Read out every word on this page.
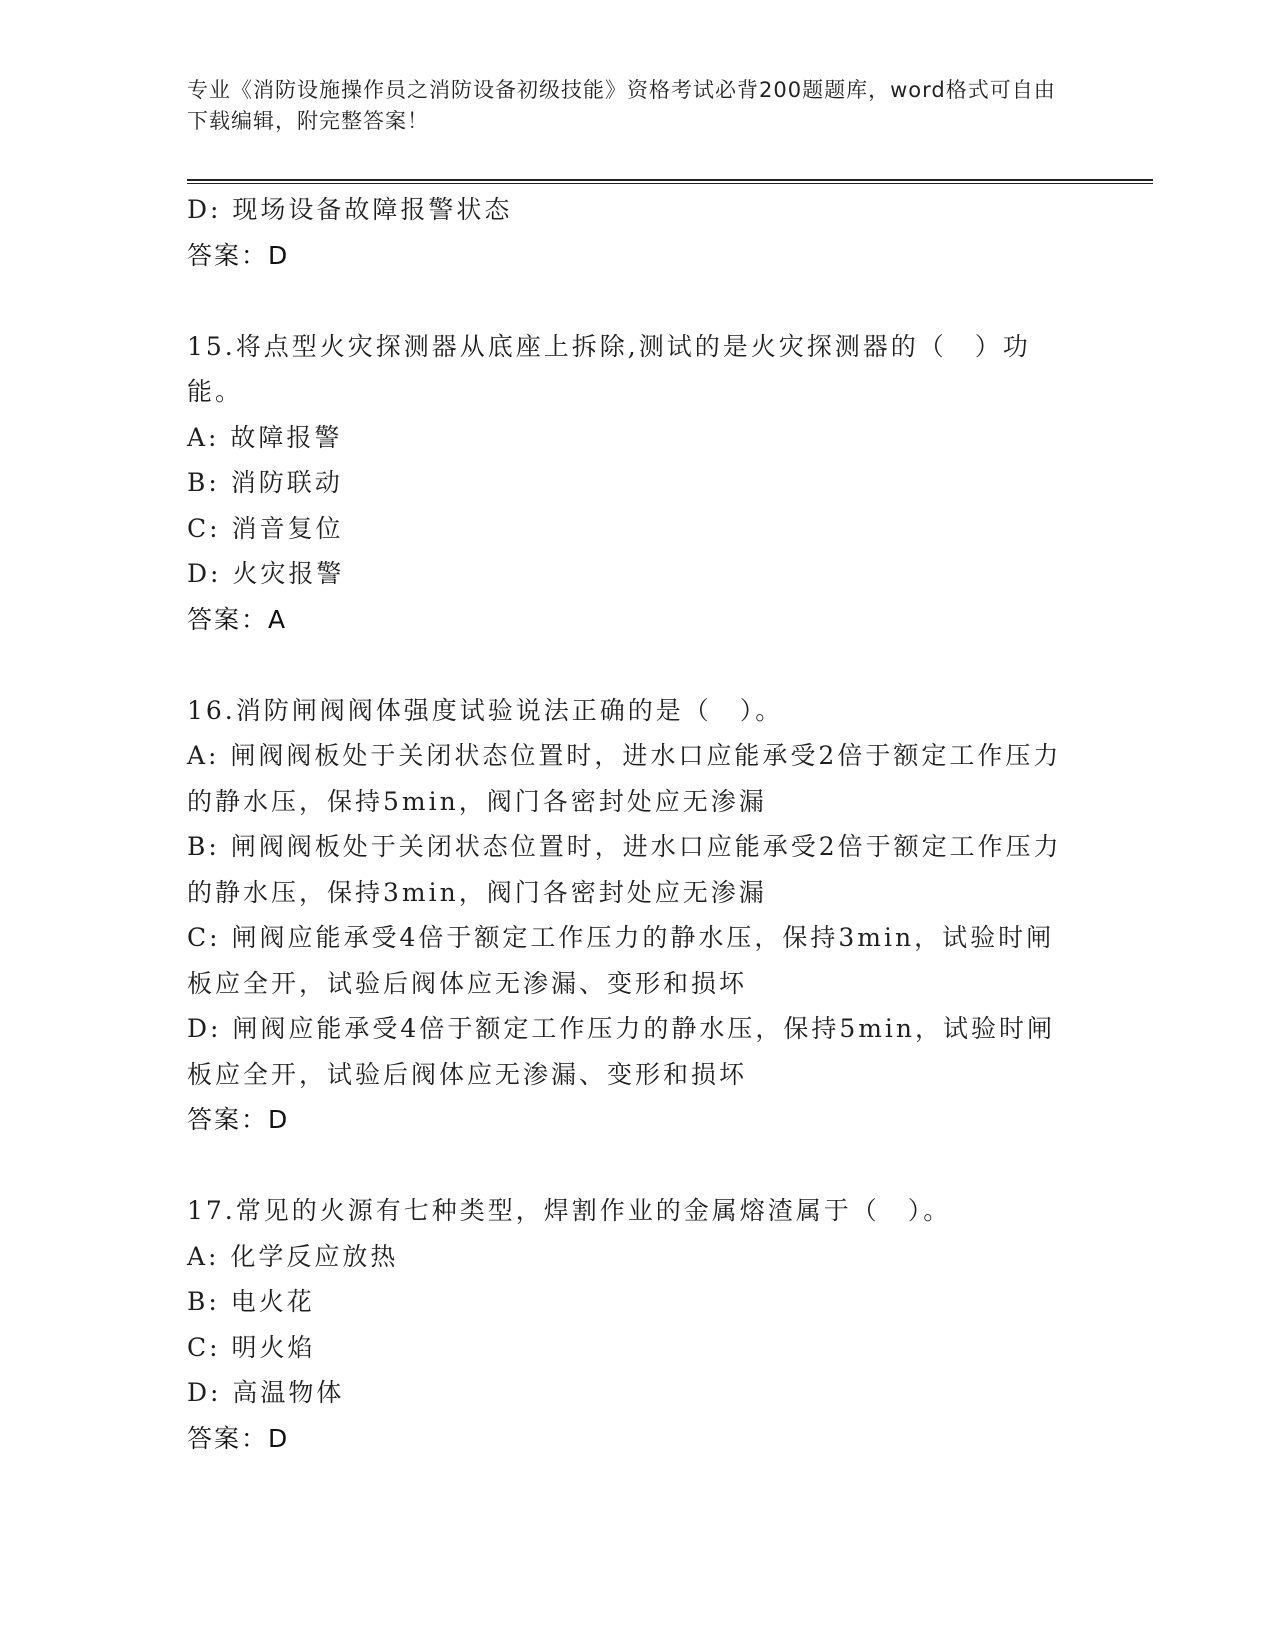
专业《消防设施操作员之消防设备初级技能》资格考试必背200题题库，word格式可自由下载编辑，附完整答案！
D: 现场设备故障报警状态
答案：D
15.将点型火灾探测器从底座上拆除,测试的是火灾探测器的（　）功能。
A: 故障报警
B: 消防联动
C: 消音复位
D: 火灾报警
答案：A
16.消防闸阀阀体强度试验说法正确的是（　）。
A: 闸阀阀板处于关闭状态位置时，进水口应能承受2倍于额定工作压力的静水压，保持5min，阀门各密封处应无渗漏
B: 闸阀阀板处于关闭状态位置时，进水口应能承受2倍于额定工作压力的静水压，保持3min，阀门各密封处应无渗漏
C: 闸阀应能承受4倍于额定工作压力的静水压，保持3min，试验时闸板应全开，试验后阀体应无渗漏、变形和损坏
D: 闸阀应能承受4倍于额定工作压力的静水压，保持5min，试验时闸板应全开，试验后阀体应无渗漏、变形和损坏
答案：D
17.常见的火源有七种类型，焊割作业的金属熔渣属于（　）。
A: 化学反应放热
B: 电火花
C: 明火焰
D: 高温物体
答案：D
